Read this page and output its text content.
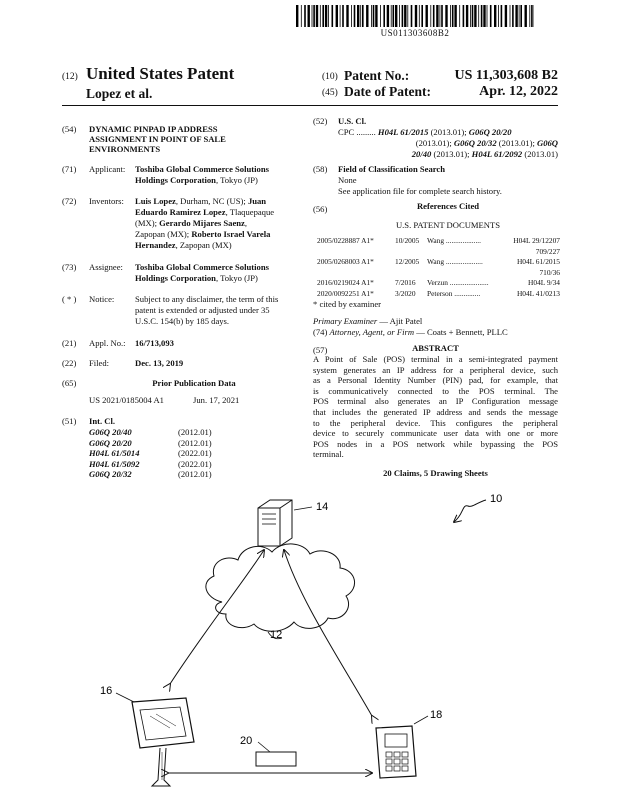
US011303608B2
(12) United States Patent
Lopez et al.
(10) Patent No.:	US 11,303,608 B2
(45) Date of Patent:	Apr. 12, 2022
(54) DYNAMIC PINPAD IP ADDRESS
ASSIGNMENT IN POINT OF SALE
ENVIRONMENTS
(71) Applicant: Toshiba Global Commerce Solutions
Holdings Corporation, Tokyo (JP)
(72) Inventors: Luis Lopez, Durham, NC (US); Juan
Eduardo Ramirez Lopez, Tlaquepaque
(MX); Gerardo Mijares Saenz,
Zapopan (MX); Roberto Israel Varela
Hernandez, Zapopan (MX)
(73) Assignee: Toshiba Global Commerce Solutions
Holdings Corporation, Tokyo (JP)
( * ) Notice: Subject to any disclaimer, the term of this
patent is extended or adjusted under 35
U.S.C. 154(b) by 185 days.
(21) Appl. No.: 16/713,093
(22) Filed:	Dec. 13, 2019
(65)	Prior Publication Data
US 2021/0185004 A1	Jun. 17, 2021
(51) Int. Cl.
G06Q 20/40	(2012.01)
G06Q 20/20	(2012.01)
H04L 61/5014	(2022.01)
H04L 61/5092	(2022.01)
G06Q 20/32	(2012.01)
(52) U.S. Cl.
CPC ......... H04L 61/2015 (2013.01); G06Q 20/20
(2013.01); G06Q 20/32 (2013.01); G06Q
20/40 (2013.01); H04L 61/2092 (2013.01)
(58) Field of Classification Search
None
See application file for complete search history.
(56)	References Cited
U.S. PATENT DOCUMENTS
2005/0228887 A1*	10/2005 Wang ...................	H04L 29/12207
709/227
2005/0268003 A1*	12/2005 Wang ....................	H04L 61/2015
710/36
2016/0219024 A1*	7/2016 Verzun .....................	H04L 9/34
2020/0092251 A1*	3/2020 Peterson ..............	H04L 41/0213
* cited by examiner
Primary Examiner — Ajit Patel
(74) Attorney, Agent, or Firm — Coats + Bennett, PLLC
(57)	ABSTRACT
A Point of Sale (POS) terminal in a semi-integrated payment
system generates an IP address for a peripheral device, such
as a Personal Identity Number (PIN) pad, for example, that
is communicatively connected to the POS terminal. The
POS terminal also generates an IP Configuration message
that includes the generated IP address and sends the message
to the peripheral device. This configures the peripheral
device to securely communicate user data with one or more
POS nodes in a POS network while bypassing the POS
terminal.
20 Claims, 5 Drawing Sheets
10
12
14
16
18
20
